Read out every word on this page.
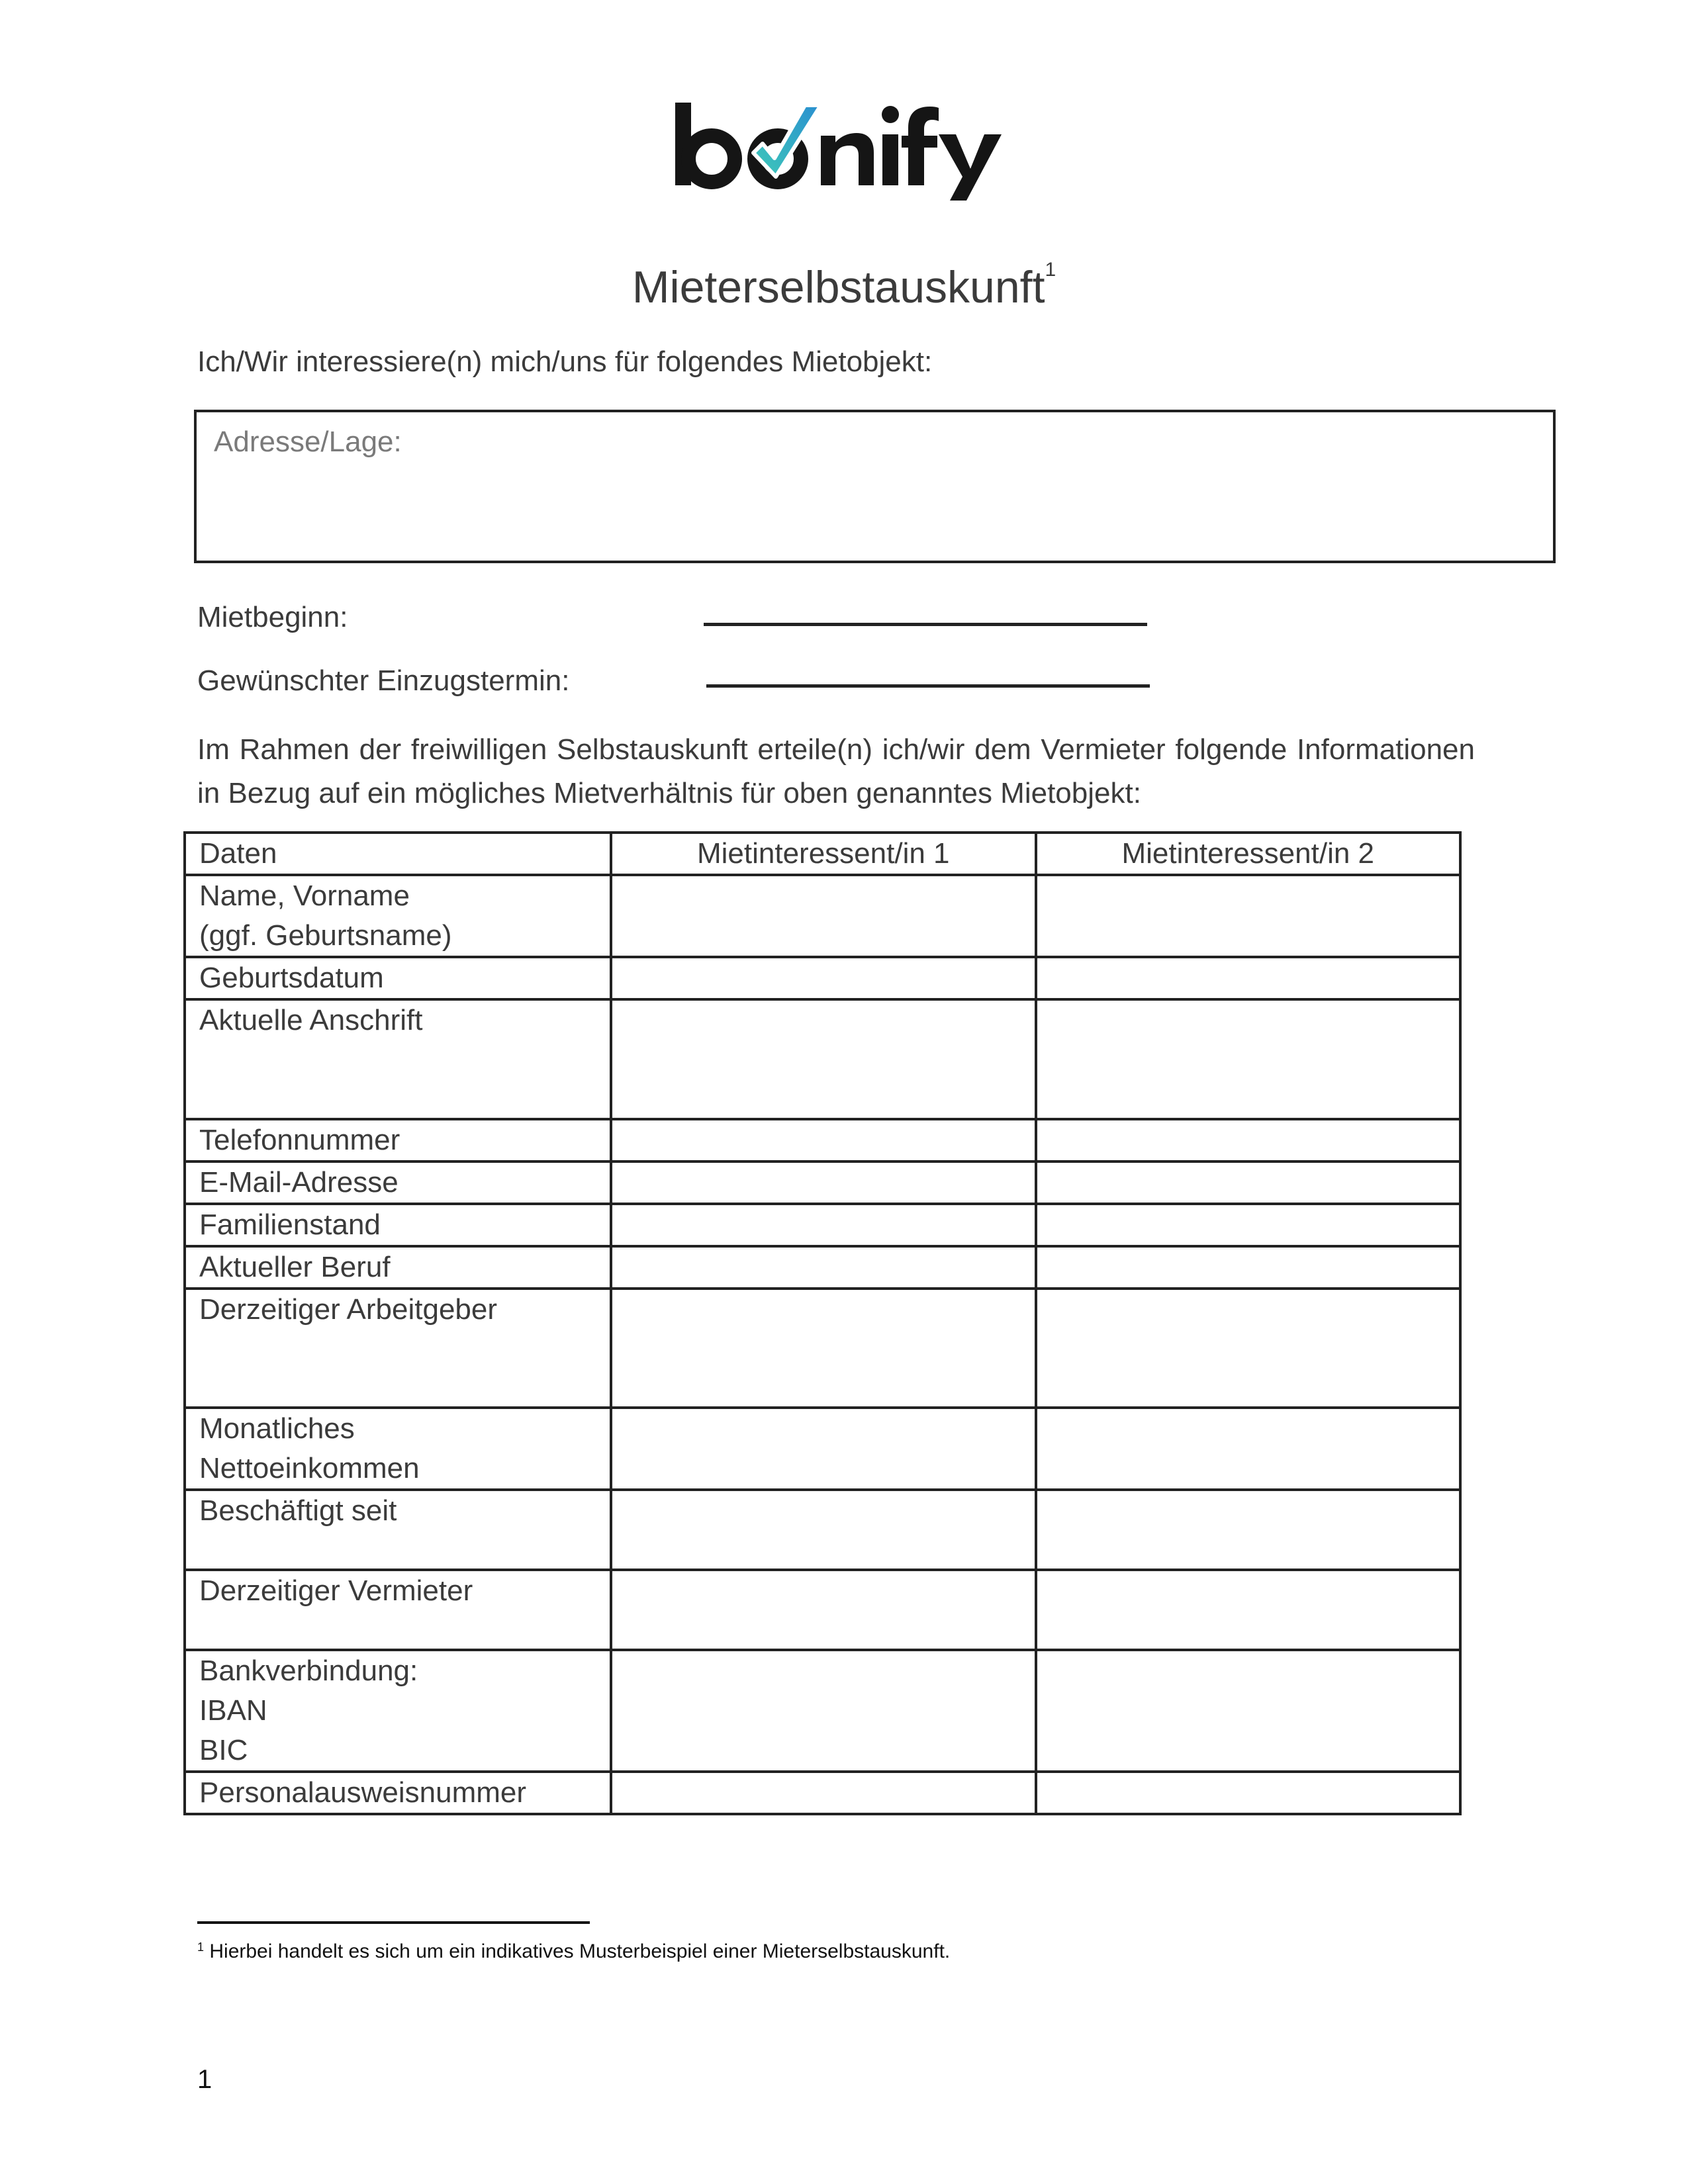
Mieterselbstauskunft$^1$
Ich/Wir interessiere(n) mich/uns für folgendes Mietobjekt:
Adresse/Lage:
Mietbeginn:
Gewünschter Einzugstermin:
Im Rahmen der freiwilligen Selbstauskunft erteile(n) ich/wir dem Vermieter folgende Informationen in Bezug auf ein mögliches Mietverhältnis für oben genanntes Mietobjekt:
Daten	Mietinteressent/in 1	Mietinteressent/in 2

Name, Vorname
(ggf. Geburtsname)		

Geburtsdatum		

Aktuelle Anschrift		

Telefonnummer		

E-Mail-Adresse		

Familienstand		

Aktueller Beruf		

Derzeitiger Arbeitgeber		

Monatliches
Nettoeinkommen		

Beschäftigt seit		

Derzeitiger Vermieter		

Bankverbindung:
IBAN
BIC		

Personalausweisnummer		

$^1$ Hierbei handelt es sich um ein indikatives Musterbeispiel einer Mieterselbstauskunft.
1
